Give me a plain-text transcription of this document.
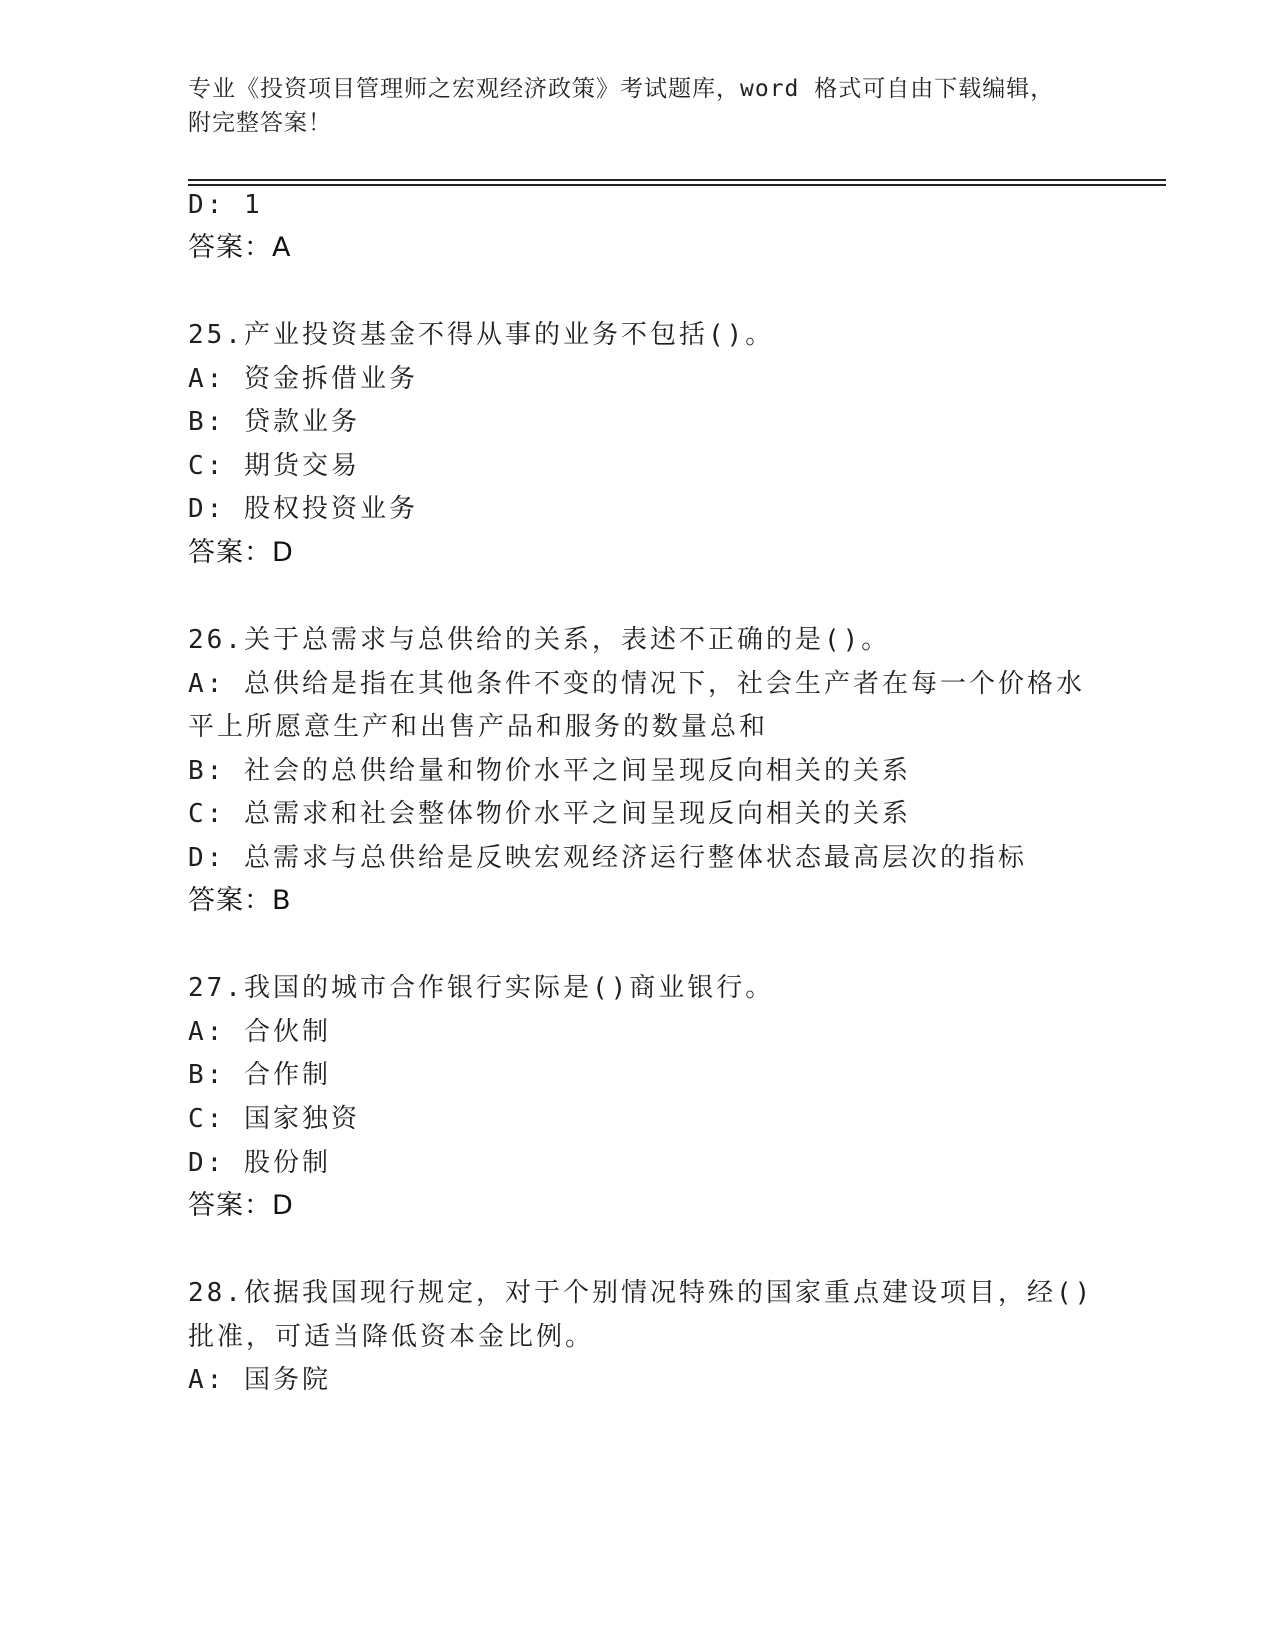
专业《投资项目管理师之宏观经济政策》考试题库，word 格式可自由下载编辑，
附完整答案！
D: 1
答案：A
25.产业投资基金不得从事的业务不包括()。
A: 资金拆借业务
B: 贷款业务
C: 期货交易
D: 股权投资业务
答案：D
26.关于总需求与总供给的关系，表述不正确的是()。
A: 总供给是指在其他条件不变的情况下，社会生产者在每一个价格水
平上所愿意生产和出售产品和服务的数量总和
B: 社会的总供给量和物价水平之间呈现反向相关的关系
C: 总需求和社会整体物价水平之间呈现反向相关的关系
D: 总需求与总供给是反映宏观经济运行整体状态最高层次的指标
答案：B
27.我国的城市合作银行实际是()商业银行。
A: 合伙制
B: 合作制
C: 国家独资
D: 股份制
答案：D
28.依据我国现行规定，对于个别情况特殊的国家重点建设项目，经()
批准，可适当降低资本金比例。
A: 国务院
